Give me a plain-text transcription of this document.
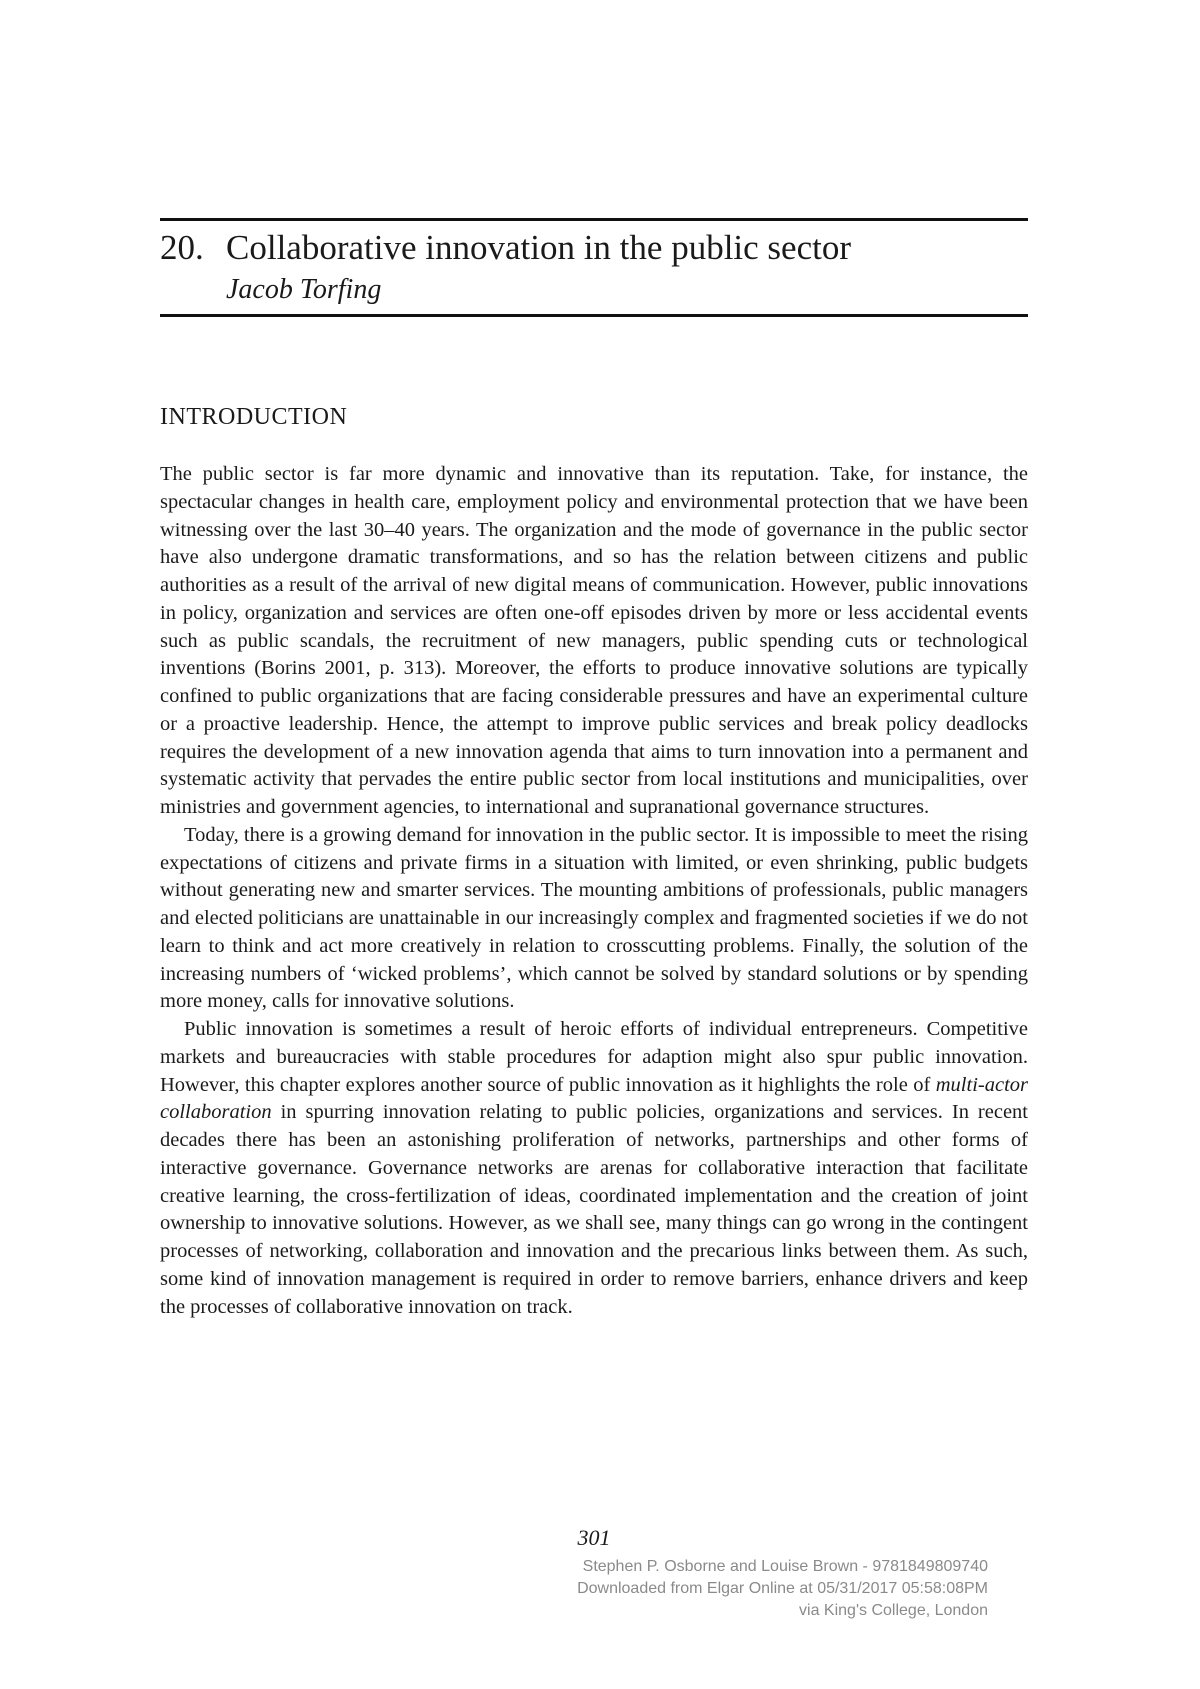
20. Collaborative innovation in the public sector
Jacob Torfing
INTRODUCTION

The public sector is far more dynamic and innovative than its reputation. Take, for instance, the spectacular changes in health care, employment policy and environmental protection that we have been witnessing over the last 30–40 years. The organization and the mode of governance in the public sector have also undergone dramatic transformations, and so has the relation between citizens and public authorities as a result of the arrival of new digital means of communication. However, public innovations in policy, organization and services are often one-off episodes driven by more or less accidental events such as public scandals, the recruitment of new managers, public spending cuts or technological inventions (Borins 2001, p. 313). Moreover, the efforts to produce innovative solutions are typically confined to public organizations that are facing considerable pressures and have an experimental culture or a proactive leadership. Hence, the attempt to improve public services and break policy deadlocks requires the development of a new innovation agenda that aims to turn innovation into a permanent and systematic activity that pervades the entire public sector from local institutions and municipalities, over ministries and government agencies, to international and supranational governance structures.

Today, there is a growing demand for innovation in the public sector. It is impossible to meet the rising expectations of citizens and private firms in a situation with limited, or even shrinking, public budgets without generating new and smarter services. The mounting ambitions of professionals, public managers and elected politicians are unattainable in our increasingly complex and fragmented societies if we do not learn to think and act more creatively in relation to crosscutting problems. Finally, the solution of the increasing numbers of ‘wicked problems’, which cannot be solved by standard solutions or by spending more money, calls for innovative solutions.

Public innovation is sometimes a result of heroic efforts of individual entrepreneurs. Competitive markets and bureaucracies with stable procedures for adaption might also spur public innovation. However, this chapter explores another source of public innovation as it highlights the role of multi-actor collaboration in spurring innovation relating to public policies, organizations and services. In recent decades there has been an astonishing proliferation of networks, partnerships and other forms of interactive governance. Governance networks are arenas for collaborative interaction that facilitate creative learning, the cross-fertilization of ideas, coordinated implementation and the creation of joint ownership to innovative solutions. However, as we shall see, many things can go wrong in the contingent processes of networking, collaboration and innovation and the precarious links between them. As such, some kind of innovation management is required in order to remove barriers, enhance drivers and keep the processes of collaborative innovation on track.

301
Stephen P. Osborne and Louise Brown - 9781849809740
Downloaded from Elgar Online at 05/31/2017 05:58:08PM
via King's College, London
